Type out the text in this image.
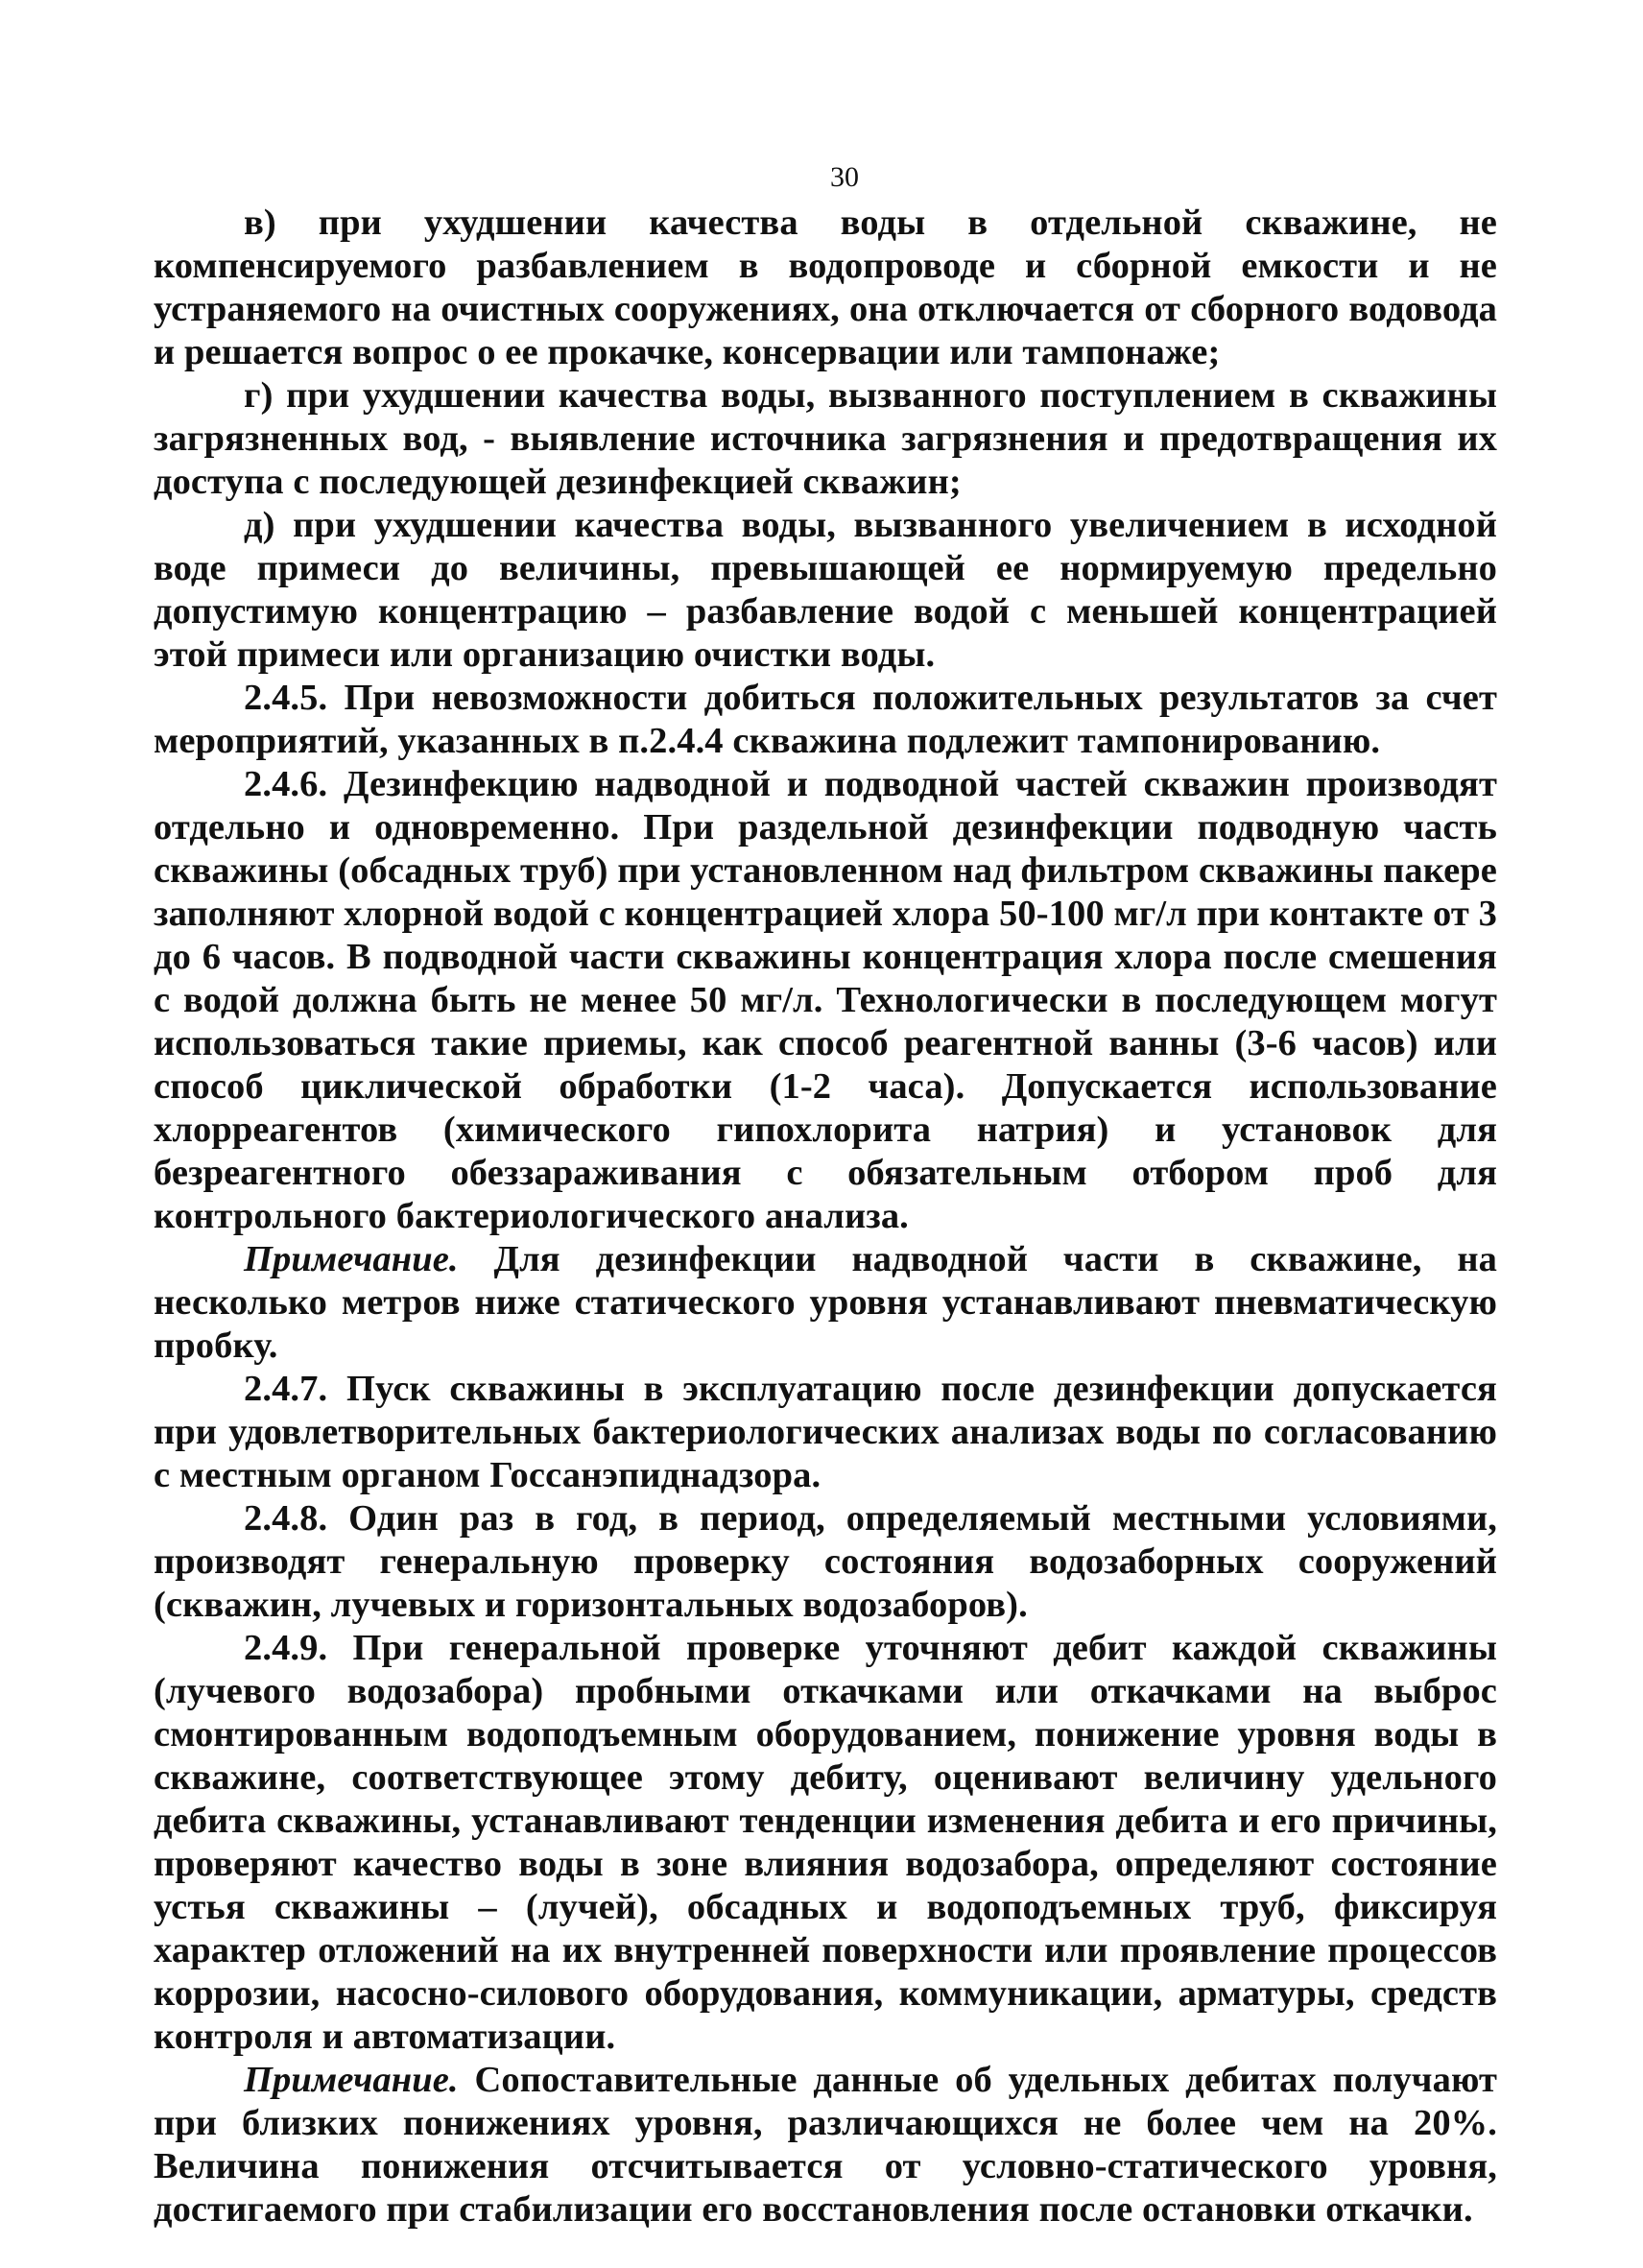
30

в) при ухудшении качества воды в отдельной скважине, не компенсируемого разбавлением в водопроводе и сборной емкости и не устраняемого на очистных сооружениях, она отключается от сборного водовода и решается вопрос о ее прокачке, консервации или тампонаже;

г) при ухудшении качества воды, вызванного поступлением в скважины загрязненных вод, - выявление источника загрязнения и предотвращения их доступа с последующей дезинфекцией скважин;

д) при ухудшении качества воды, вызванного увеличением в исходной воде примеси до величины, превышающей ее нормируемую предельно допустимую концентрацию – разбавление водой с меньшей концентрацией этой примеси или организацию очистки воды.

2.4.5. При невозможности добиться положительных результатов за счет мероприятий, указанных в п.2.4.4 скважина подлежит тампонированию.

2.4.6. Дезинфекцию надводной и подводной частей скважин производят отдельно и одновременно. При раздельной дезинфекции подводную часть скважины (обсадных труб) при установленном над фильтром скважины пакере заполняют хлорной водой с концентрацией хлора 50-100 мг/л при контакте от 3 до 6 часов. В подводной части скважины концентрация хлора после смешения с водой должна быть не менее 50 мг/л. Технологически в последующем могут использоваться такие приемы, как способ реагентной ванны (3-6 часов) или способ циклической обработки (1-2 часа). Допускается использование хлорреагентов (химического гипохлорита натрия) и установок для безреагентного обеззараживания с обязательным отбором проб для контрольного бактериологического анализа.

Примечание. Для дезинфекции надводной части в скважине, на несколько метров ниже статического уровня устанавливают пневматическую пробку.

2.4.7. Пуск скважины в эксплуатацию после дезинфекции допускается при удовлетворительных бактериологических анализах воды по согласованию с местным органом Госсанэпиднадзора.

2.4.8. Один раз в год, в период, определяемый местными условиями, производят генеральную проверку состояния водозаборных сооружений (скважин, лучевых и горизонтальных водозаборов).

2.4.9. При генеральной проверке уточняют дебит каждой скважины (лучевого водозабора) пробными откачками или откачками на выброс смонтированным водоподъемным оборудованием, понижение уровня воды в скважине, соответствующее этому дебиту, оценивают величину удельного дебита скважины, устанавливают тенденции изменения дебита и его причины, проверяют качество воды в зоне влияния водозабора, определяют состояние устья скважины – (лучей), обсадных и водоподъемных труб, фиксируя характер отложений на их внутренней поверхности или проявление процессов коррозии, насосно-силового оборудования, коммуникации, арматуры, средств контроля и автоматизации.

Примечание. Сопоставительные данные об удельных дебитах получают при близких понижениях уровня, различающихся не более чем на 20%. Величина понижения отсчитывается от условно-статического уровня, достигаемого при стабилизации его восстановления после остановки откачки.
